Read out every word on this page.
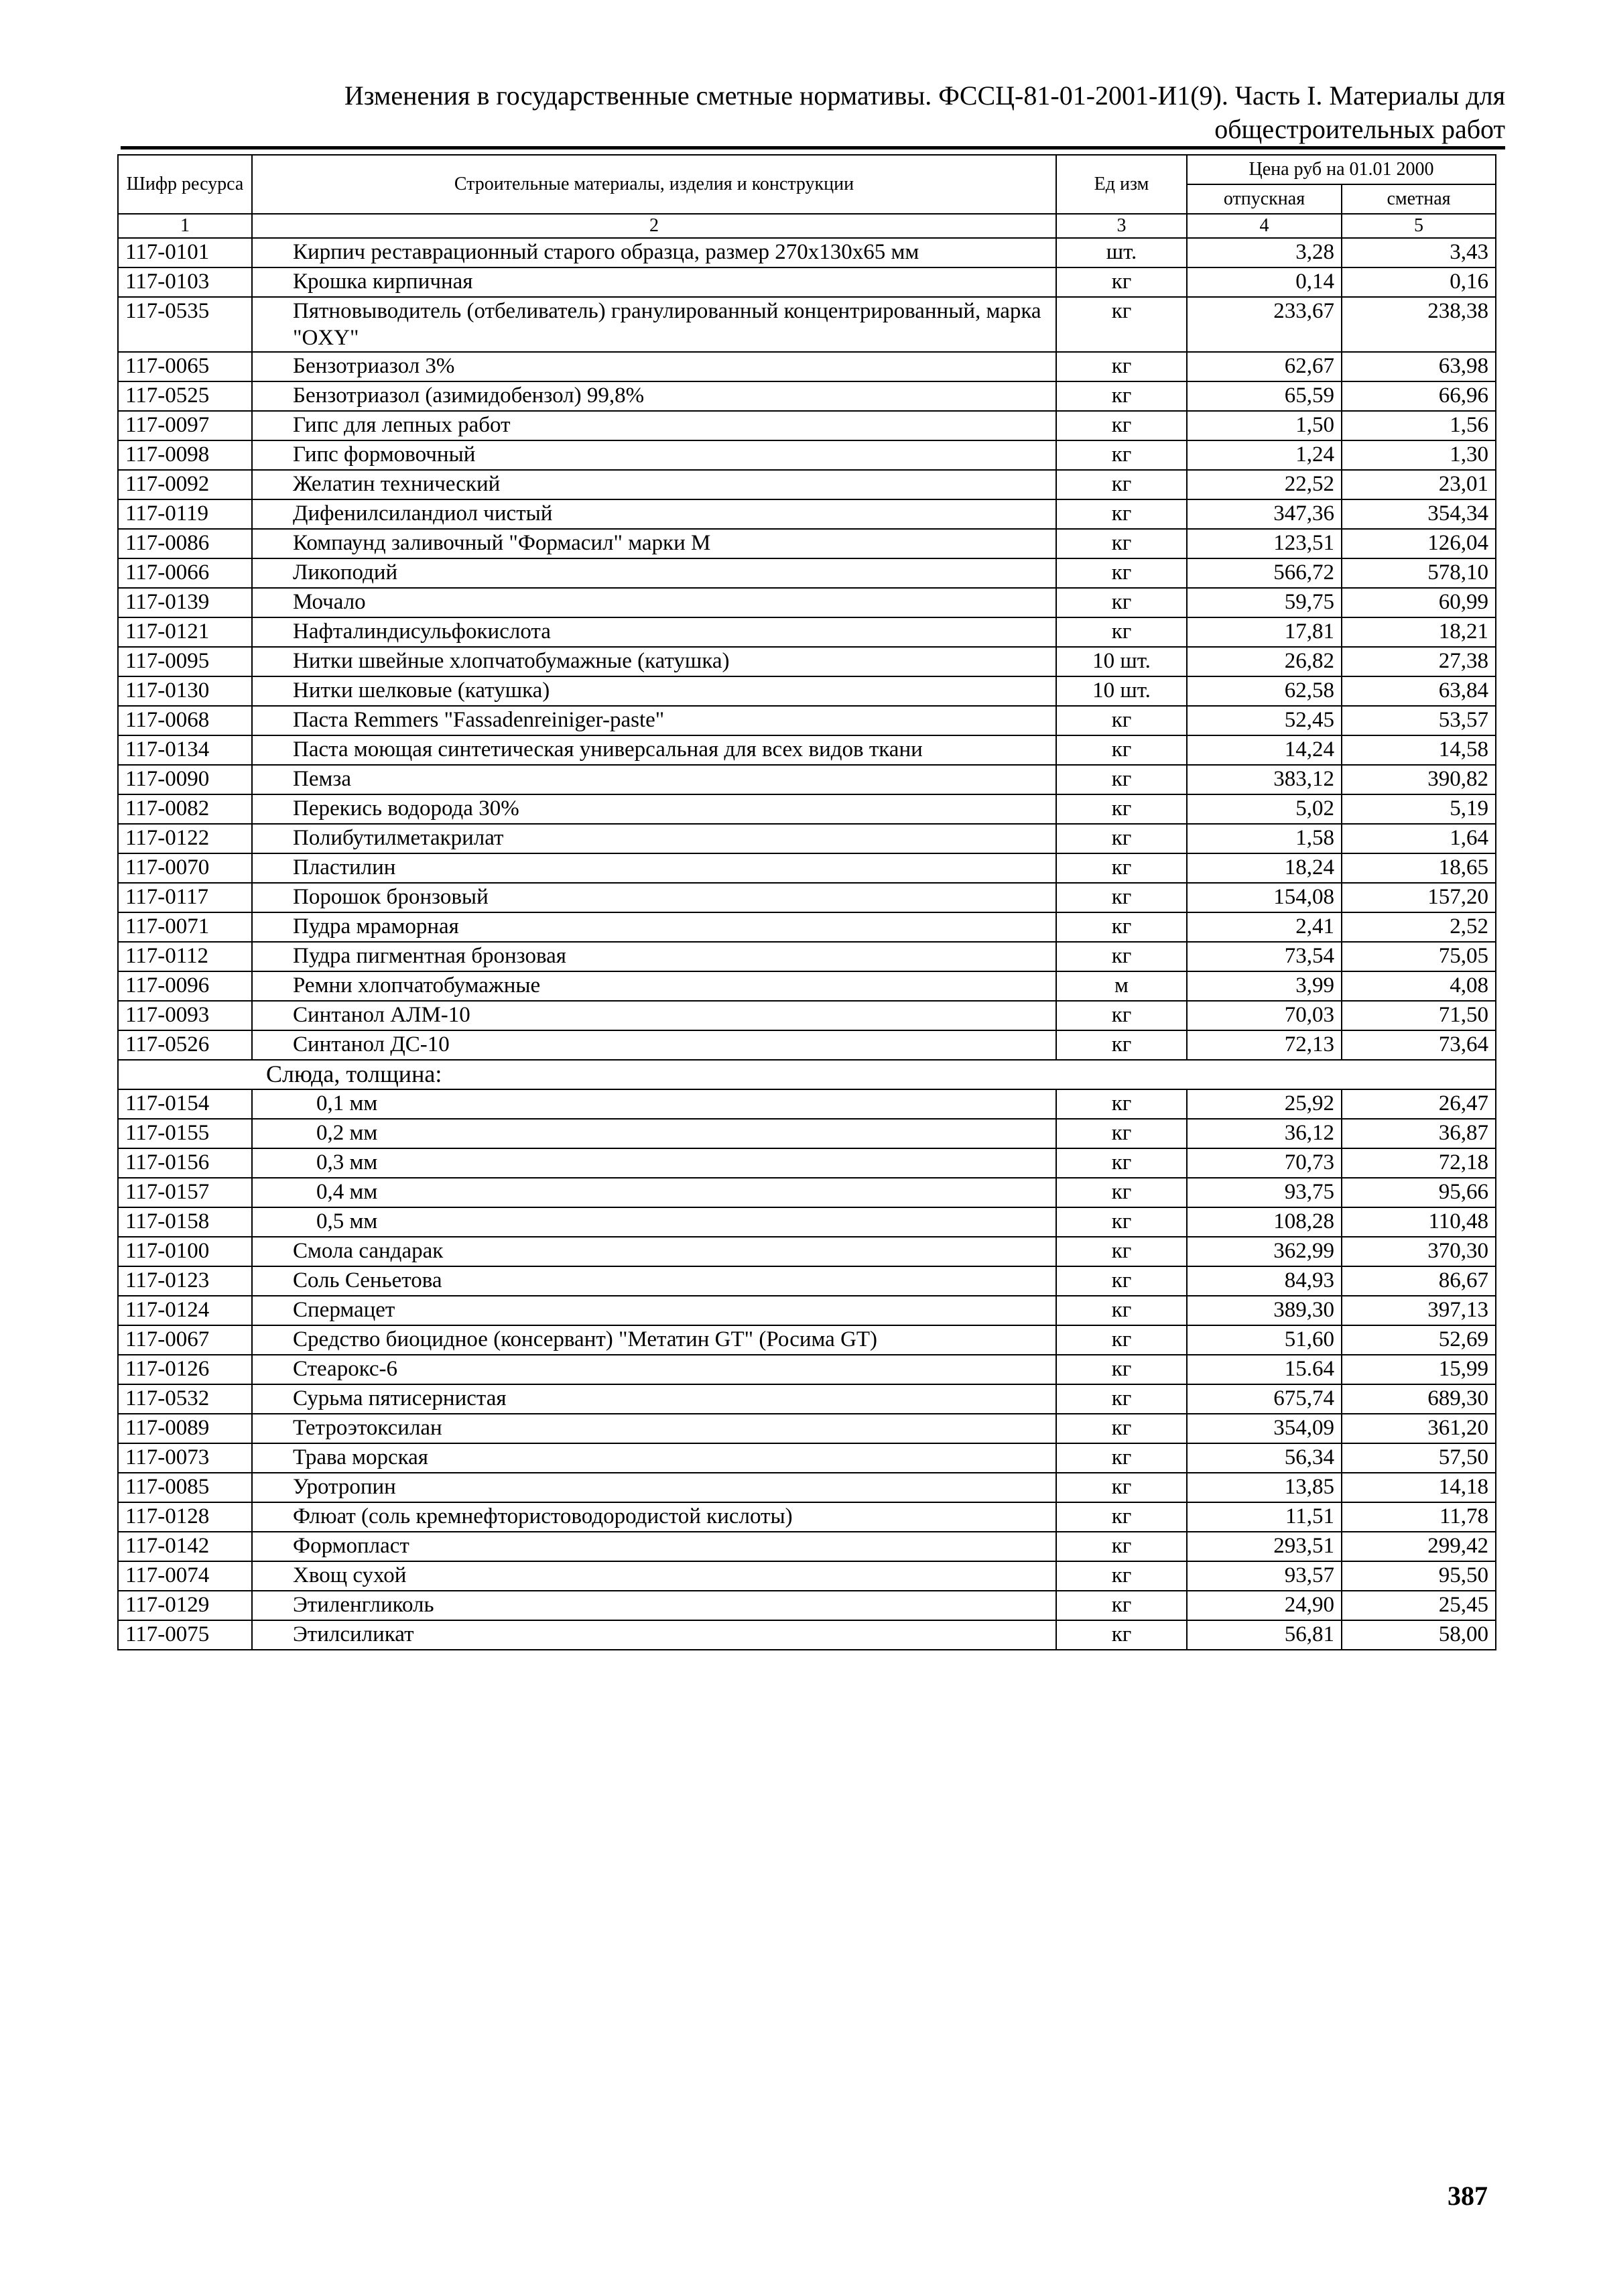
Изменения в государственные сметные нормативы. ФССЦ-81-01-2001-И1(9). Часть I. Материалы для
общестроительных работ
Шифр ресурса	Строительные материалы, изделия и конструкции	Ед изм	Цена руб на 01.01 2000	
			отпускная	сметная
1	2	3	4	5
117-0101	Кирпич реставрационный старого образца, размер 270х130х65 мм	шт.	3,28	3,43
117-0103	Крошка кирпичная	кг	0,14	0,16
117-0535	Пятновыводитель (отбеливатель) гранулированный концентрированный, марка "OXY"	кг	233,67	238,38
117-0065	Бензотриазол 3%	кг	62,67	63,98
117-0525	Бензотриазол (азимидобензол) 99,8%	кг	65,59	66,96
117-0097	Гипс для лепных работ	кг	1,50	1,56
117-0098	Гипс формовочный	кг	1,24	1,30
117-0092	Желатин технический	кг	22,52	23,01
117-0119	Дифенилсиландиол чистый	кг	347,36	354,34
117-0086	Компаунд заливочный "Формасил" марки М	кг	123,51	126,04
117-0066	Ликоподий	кг	566,72	578,10
117-0139	Мочало	кг	59,75	60,99
117-0121	Нафталиндисульфокислота	кг	17,81	18,21
117-0095	Нитки швейные хлопчатобумажные (катушка)	10 шт.	26,82	27,38
117-0130	Нитки шелковые (катушка)	10 шт.	62,58	63,84
117-0068	Паста Remmers "Fassadenreiniger-paste"	кг	52,45	53,57
117-0134	Паста моющая синтетическая универсальная для всех видов ткани	кг	14,24	14,58
117-0090	Пемза	кг	383,12	390,82
117-0082	Перекись водорода 30%	кг	5,02	5,19
117-0122	Полибутилметакрилат	кг	1,58	1,64
117-0070	Пластилин	кг	18,24	18,65
117-0117	Порошок бронзовый	кг	154,08	157,20
117-0071	Пудра мраморная	кг	2,41	2,52
117-0112	Пудра пигментная бронзовая	кг	73,54	75,05
117-0096	Ремни хлопчатобумажные	м	3,99	4,08
117-0093	Синтанол АЛМ-10	кг	70,03	71,50
117-0526	Синтанол ДС-10	кг	72,13	73,64
Слюда, толщина:				
117-0154	0,1 мм	кг	25,92	26,47
117-0155	0,2 мм	кг	36,12	36,87
117-0156	0,3 мм	кг	70,73	72,18
117-0157	0,4 мм	кг	93,75	95,66
117-0158	0,5 мм	кг	108,28	110,48
117-0100	Смола сандарак	кг	362,99	370,30
117-0123	Соль Сеньетова	кг	84,93	86,67
117-0124	Спермацет	кг	389,30	397,13
117-0067	Средство биоцидное (консервант) "Метатин GT" (Росима GT)	кг	51,60	52,69
117-0126	Стеарокс-6	кг	15.64	15,99
117-0532	Сурьма пятисернистая	кг	675,74	689,30
117-0089	Тетроэтоксилан	кг	354,09	361,20
117-0073	Трава морская	кг	56,34	57,50
117-0085	Уротропин	кг	13,85	14,18
117-0128	Флюат (соль кремнефтористоводородистой кислоты)	кг	11,51	11,78
117-0142	Формопласт	кг	293,51	299,42
117-0074	Хвощ сухой	кг	93,57	95,50
117-0129	Этиленгликоль	кг	24,90	25,45
117-0075	Этилсиликат	кг	56,81	58,00
387
